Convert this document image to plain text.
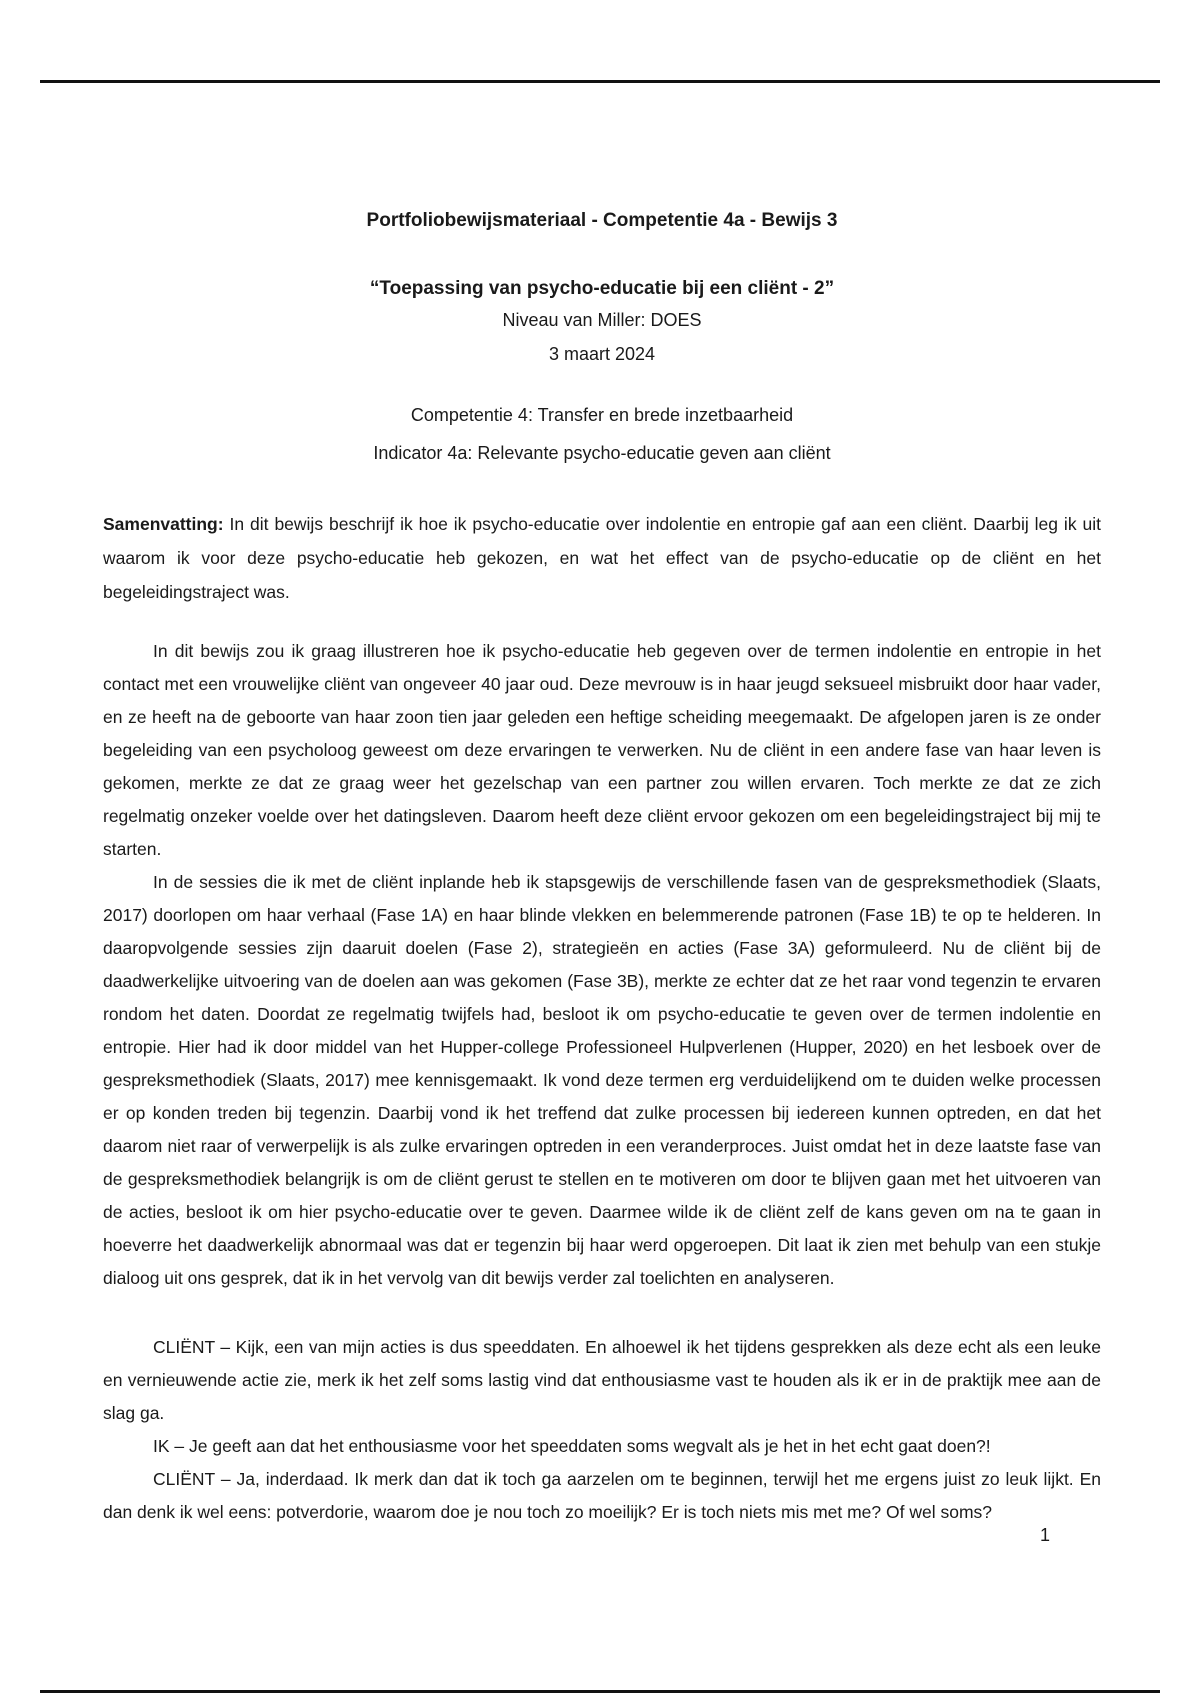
Portfoliobewijsmateriaal - Competentie 4a - Bewijs 3

“Toepassing van psycho-educatie bij een cliënt - 2”

Niveau van Miller: DOES

3 maart 2024

Competentie 4: Transfer en brede inzetbaarheid

Indicator 4a: Relevante psycho-educatie geven aan cliënt

Samenvatting: In dit bewijs beschrijf ik hoe ik psycho-educatie over indolentie en entropie gaf aan een cliënt. Daarbij leg ik uit waarom ik voor deze psycho-educatie heb gekozen, en wat het effect van de psycho-educatie op de cliënt en het begeleidingstraject was.

In dit bewijs zou ik graag illustreren hoe ik psycho-educatie heb gegeven over de termen indolentie en entropie in het contact met een vrouwelijke cliënt van ongeveer 40 jaar oud. Deze mevrouw is in haar jeugd seksueel misbruikt door haar vader, en ze heeft na de geboorte van haar zoon tien jaar geleden een heftige scheiding meegemaakt. De afgelopen jaren is ze onder begeleiding van een psycholoog geweest om deze ervaringen te verwerken. Nu de cliënt in een andere fase van haar leven is gekomen, merkte ze dat ze graag weer het gezelschap van een partner zou willen ervaren. Toch merkte ze dat ze zich regelmatig onzeker voelde over het datingsleven. Daarom heeft deze cliënt ervoor gekozen om een begeleidingstraject bij mij te starten.

In de sessies die ik met de cliënt inplande heb ik stapsgewijs de verschillende fasen van de gespreksmethodiek (Slaats, 2017) doorlopen om haar verhaal (Fase 1A) en haar blinde vlekken en belemmerende patronen (Fase 1B) te op te helderen. In daaropvolgende sessies zijn daaruit doelen (Fase 2), strategieën en acties (Fase 3A) geformuleerd. Nu de cliënt bij de daadwerkelijke uitvoering van de doelen aan was gekomen (Fase 3B), merkte ze echter dat ze het raar vond tegenzin te ervaren rondom het daten. Doordat ze regelmatig twijfels had, besloot ik om psycho-educatie te geven over de termen indolentie en entropie. Hier had ik door middel van het Hupper-college Professioneel Hulpverlenen (Hupper, 2020) en het lesboek over de gespreksmethodiek (Slaats, 2017) mee kennisgemaakt. Ik vond deze termen erg verduidelijkend om te duiden welke processen er op konden treden bij tegenzin. Daarbij vond ik het treffend dat zulke processen bij iedereen kunnen optreden, en dat het daarom niet raar of verwerpelijk is als zulke ervaringen optreden in een veranderproces. Juist omdat het in deze laatste fase van de gespreksmethodiek belangrijk is om de cliënt gerust te stellen en te motiveren om door te blijven gaan met het uitvoeren van de acties, besloot ik om hier psycho-educatie over te geven. Daarmee wilde ik de cliënt zelf de kans geven om na te gaan in hoeverre het daadwerkelijk abnormaal was dat er tegenzin bij haar werd opgeroepen. Dit laat ik zien met behulp van een stukje dialoog uit ons gesprek, dat ik in het vervolg van dit bewijs verder zal toelichten en analyseren.

CLIËNT – Kijk, een van mijn acties is dus speeddaten. En alhoewel ik het tijdens gesprekken als deze echt als een leuke en vernieuwende actie zie, merk ik het zelf soms lastig vind dat enthousiasme vast te houden als ik er in de praktijk mee aan de slag ga.

IK – Je geeft aan dat het enthousiasme voor het speeddaten soms wegvalt als je het in het echt gaat doen?!

CLIËNT – Ja, inderdaad. Ik merk dan dat ik toch ga aarzelen om te beginnen, terwijl het me ergens juist zo leuk lijkt. En dan denk ik wel eens: potverdorie, waarom doe je nou toch zo moeilijk? Er is toch niets mis met me? Of wel soms?

1
